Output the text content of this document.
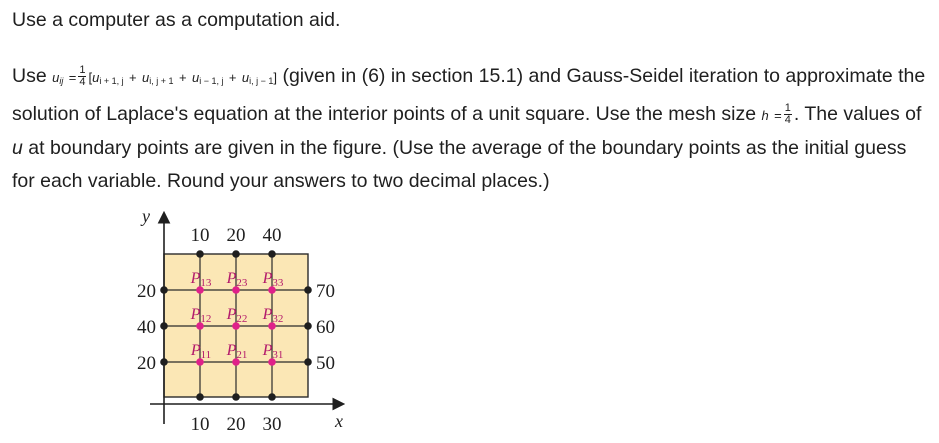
Use a computer as a computation aid.
Use $u_{ij} = \frac{1}{4} [u_{i + 1, j} + u_{i, j + 1} + u_{i - 1, j} + u_{i, j - 1}]$ (given in (6) in section 15.1) and Gauss-Seidel iteration to approximate the solution of Laplace's equation at the interior points of a unit square. Use the mesh size $h = \frac{1}{4}$ . The values of u at boundary points are given in the figure. (Use the average of the boundary points as the initial guess for each variable. Round your answers to two decimal places.)
y
x
10 20 40
10 20 30
20
40
20
70
60
50
P13 P23 P33
P12 P22 P32
P11 P21 P31
